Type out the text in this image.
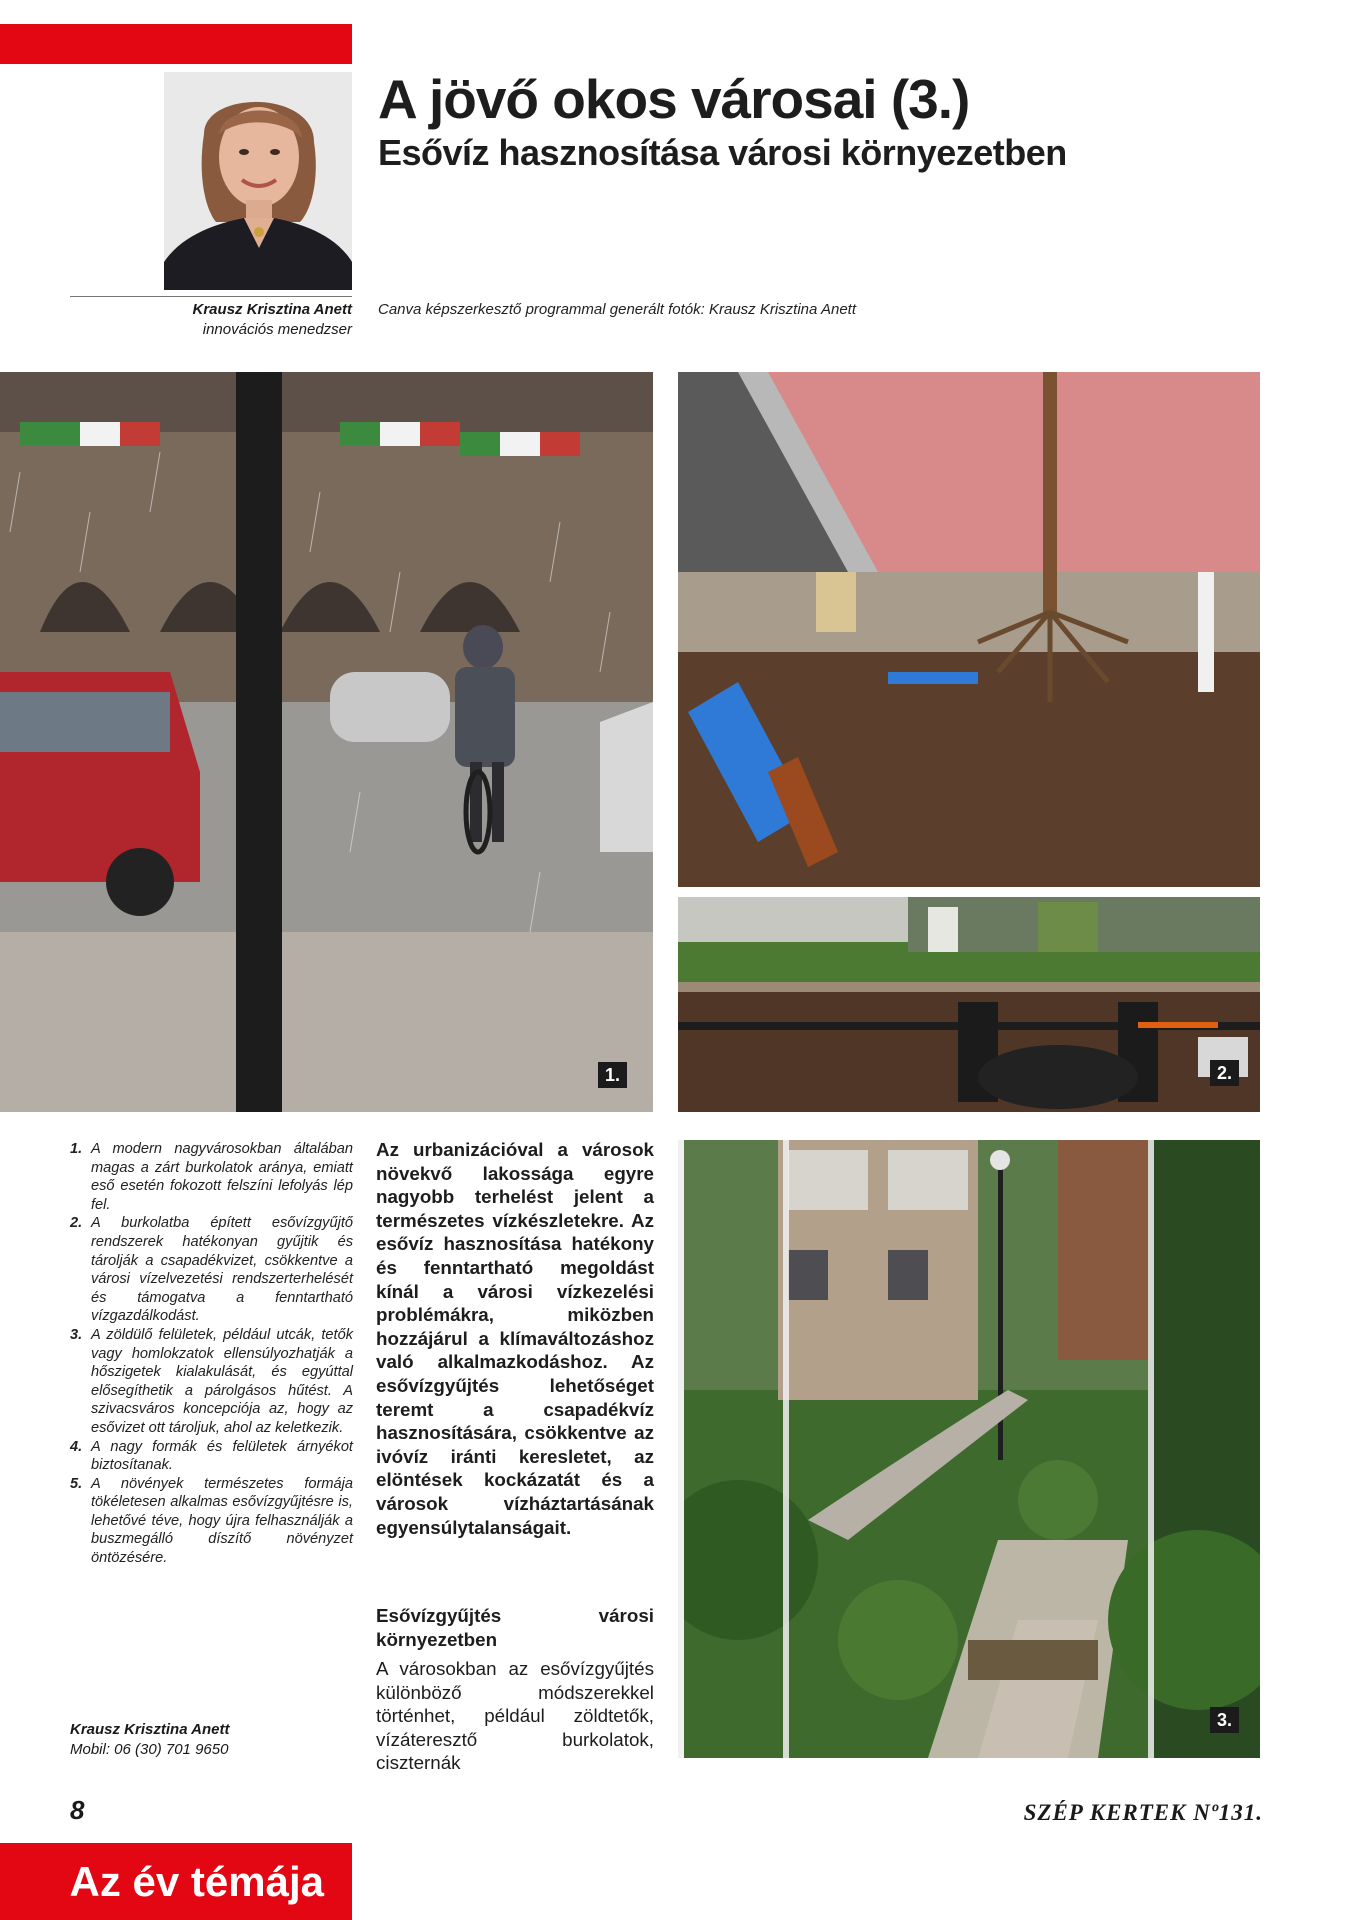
A jövő okos városai (3.)
Esővíz hasznosítása városi környezetben
Krausz Krisztina Anett
innovációs menedzser
Canva képszerkesztő programmal generált fotók: Krausz Krisztina Anett
1.	2.
3.
1. A modern nagyvárosokban általában magas a zárt burkolatok aránya, emiatt eső esetén fokozott felszíni lefolyás lép fel.
2. A burkolatba épített esővízgyűjtő rendszerek hatékonyan gyűjtik és tárolják a csapadékvizet, csökkentve a városi vízelvezetési rendszerterhelését és támogatva a fenntartható vízgazdálkodást.
3. A zöldülő felületek, például utcák, tetők vagy homlokzatok ellensúlyozhatják a hőszigetek kialakulását, és egyúttal elősegíthetik a párolgásos hűtést. A szivacsváros koncepciója az, hogy az esővizet ott tároljuk, ahol az keletkezik.
4. A nagy formák és felületek árnyékot biztosítanak.
5. A növények természetes formája tökéletesen alkalmas esővízgyűjtésre is, lehetővé téve, hogy újra felhasználják a buszmegálló díszítő növényzet öntözésére.
Krausz Krisztina Anett
Mobil: 06 (30) 701 9650

Az urbanizációval a városok növekvő lakossága egyre nagyobb terhelést jelent a természetes vízkészletekre. Az esővíz hasznosítása hatékony és fenntartható megoldást kínál a városi vízkezelési problémákra, miközben hozzájárul a klímaváltozáshoz való alkalmazkodáshoz. Az esővízgyűjtés lehetőséget teremt a csapadékvíz hasznosítására, csökkentve az ivóvíz iránti keresletet, az elöntések kockázatát és a városok vízháztartásának egyensúlytalanságait.

Esővízgyűjtés városi környezetben

A városokban az esővízgyűjtés különböző módszerekkel történhet, például zöldtetők, vízáteresztő burkolatok, ciszternák

8	SZÉP KERTEK Nº131.
Az év témája
